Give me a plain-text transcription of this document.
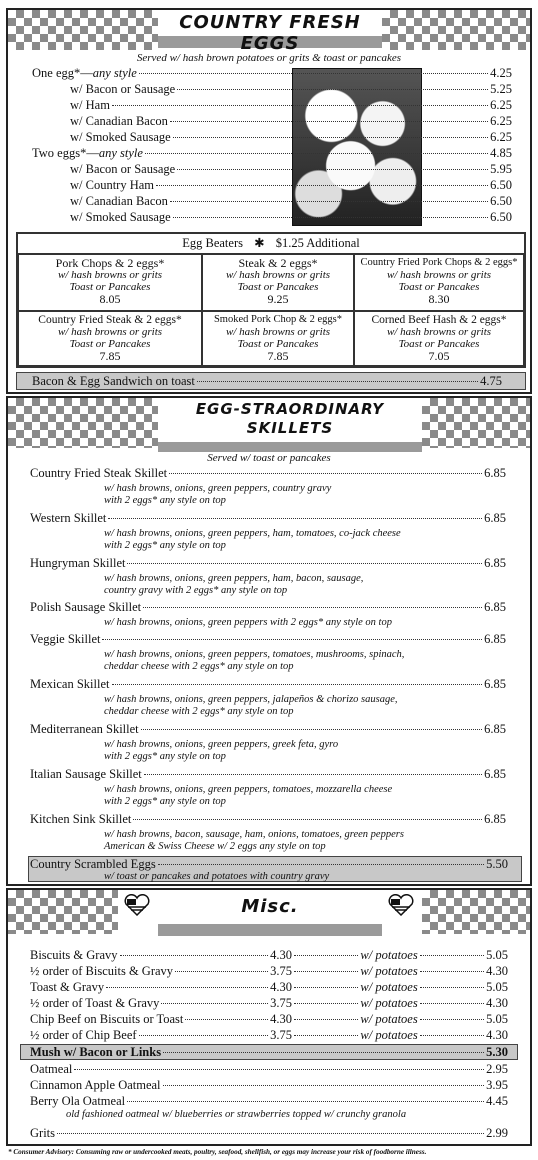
COUNTRY FRESH EGGS
Served w/ hash brown potatoes or grits & toast or pancakes
One egg*— any style	4.25
w/ Bacon or Sausage	5.25
w/ Ham	6.25
w/ Canadian Bacon	6.25
w/ Smoked Sausage	6.25
Two eggs*— any style	4.85
w/ Bacon or Sausage	5.95
w/ Country Ham	6.50
w/ Canadian Bacon	6.50
w/ Smoked Sausage	6.50
Egg Beaters ✱ $1.25 Additional
Pork Chops & 2 eggs*
w/ hash browns or grits
Toast or Pancakes
8.05
Steak & 2 eggs*
w/ hash browns or grits
Toast or Pancakes
9.25
Country Fried Pork Chops & 2 eggs*
w/ hash browns or grits
Toast or Pancakes
8.30
Country Fried Steak & 2 eggs*
w/ hash browns or grits
Toast or Pancakes
7.85
Smoked Pork Chop & 2 eggs*
w/ hash browns or grits
Toast or Pancakes
7.85
Corned Beef Hash & 2 eggs*
w/ hash browns or grits
Toast or Pancakes
7.05
Bacon & Egg Sandwich on toast	4.75
EGG-STRAORDINARY
SKILLETS
Served w/ toast or pancakes
Country Fried Steak Skillet	6.85
w/ hash browns, onions, green peppers, country gravy
with 2 eggs* any style on top
Western Skillet	6.85
w/ hash browns, onions, green peppers, ham, tomatoes, co-jack cheese
with 2 eggs* any style on top
Hungryman Skillet	6.85
w/ hash browns, onions, green peppers, ham, bacon, sausage,
country gravy with 2 eggs* any style on top
Polish Sausage Skillet	6.85
w/ hash browns, onions, green peppers with 2 eggs* any style on top
Veggie Skillet	6.85
w/ hash browns, onions, green peppers, tomatoes, mushrooms, spinach,
cheddar cheese with 2 eggs* any style on top
Mexican Skillet	6.85
w/ hash browns, onions, green peppers, jalapeños & chorizo sausage,
cheddar cheese with 2 eggs* any style on top
Mediterranean Skillet	6.85
w/ hash browns, onions, green peppers, greek feta, gyro
with 2 eggs* any style on top
Italian Sausage Skillet	6.85
w/ hash browns, onions, green peppers, tomatoes, mozzarella cheese
with 2 eggs* any style on top
Kitchen Sink Skillet	6.85
w/ hash browns, bacon, sausage, ham, onions, tomatoes, green peppers
American & Swiss Cheese w/ 2 eggs any style on top
Country Scrambled Eggs	5.50
w/ toast or pancakes and potatoes with country gravy
Misc.
Biscuits & Gravy	4.30	w/ potatoes	5.05
½ order of Biscuits & Gravy	3.75	w/ potatoes	4.30
Toast & Gravy	4.30	w/ potatoes	5.05
½ order of Toast & Gravy	3.75	w/ potatoes	4.30
Chip Beef on Biscuits or Toast	4.30	w/ potatoes	5.05
½ order of Chip Beef	3.75	w/ potatoes	4.30
Mush w/ Bacon or Links	5.30
Oatmeal	2.95
Cinnamon Apple Oatmeal	3.95
Berry Ola Oatmeal	4.45
old fashioned oatmeal w/ blueberries or strawberries topped w/ crunchy granola
Grits	2.99
* Consumer Advisory: Consuming raw or undercooked meats, poultry, seafood, shellfish, or eggs may increase your risk of foodborne illness.
